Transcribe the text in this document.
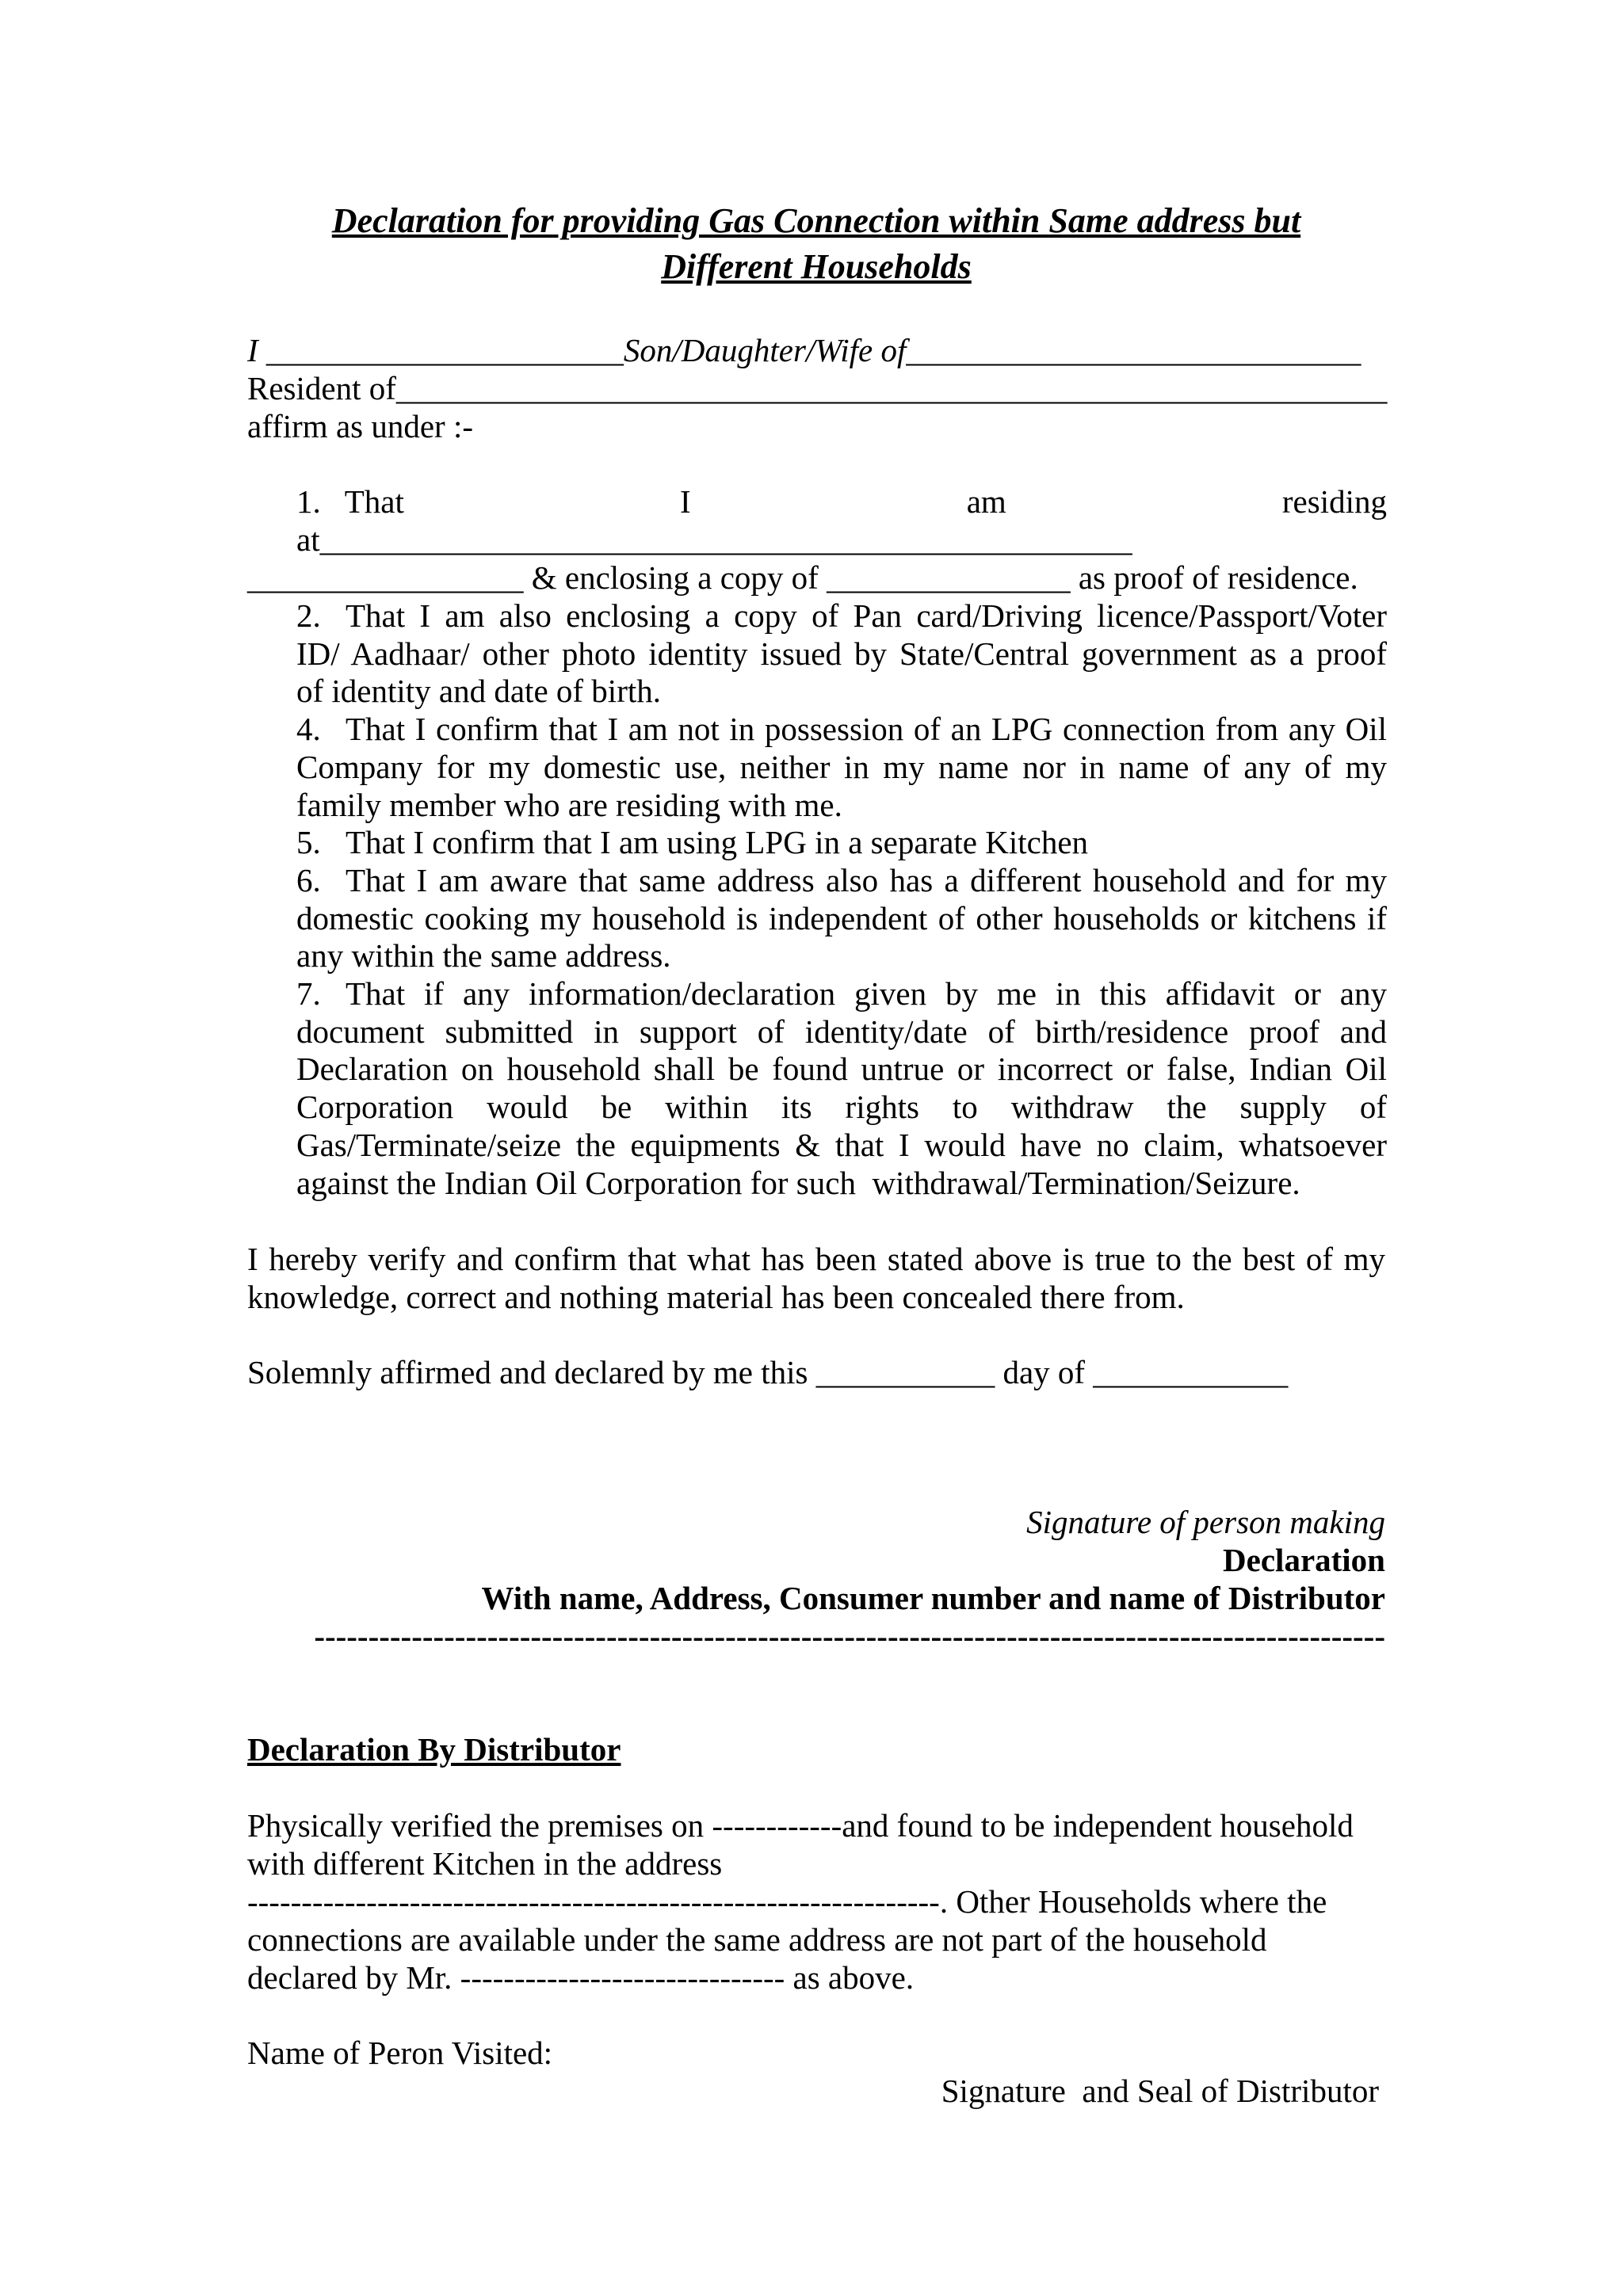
Declaration for providing Gas Connection within Same address but
Different Households
I ______________________Son/Daughter/Wife of____________________________
Resident of_____________________________________________________________
affirm as under :-
1. That	I	am	residing
at__________________________________________________
_________________ & enclosing a copy of _______________ as proof of residence.
2. That I am also enclosing a copy of Pan card/Driving licence/Passport/Voter
ID/ Aadhaar/ other photo identity issued by State/Central government as a proof
of identity and date of birth.
4. That I confirm that I am not in possession of an LPG connection from any Oil
Company for my domestic use, neither in my name nor in name of any of my
family member who are residing with me.
5. That I confirm that I am using LPG in a separate Kitchen
6. That I am aware that same address also has a different household and for my
domestic cooking my household is independent of other households or kitchens if
any within the same address.
7. That if any information/declaration given by me in this affidavit or any
document submitted in support of identity/date of birth/residence proof and
Declaration on household shall be found untrue or incorrect or false, Indian Oil
Corporation would be within its rights to withdraw the supply of
Gas/Terminate/seize the equipments & that I would have no claim, whatsoever
against the Indian Oil Corporation for such  withdrawal/Termination/Seizure.
I hereby verify and confirm that what has been stated above is true to the best of my
knowledge, correct and nothing material has been concealed there from.
Solemnly affirmed and declared by me this ___________ day of ____________
Signature of person making
Declaration
With name, Address, Consumer number and name of Distributor
---------------------------------------------------------------------------------------------------
Declaration By Distributor
Physically verified the premises on ------------and found to be independent household
with different Kitchen in the address
----------------------------------------------------------------. Other Households where the
connections are available under the same address are not part of the household
declared by Mr. ------------------------------ as above.
Name of Peron Visited:
Signature  and Seal of Distributor
